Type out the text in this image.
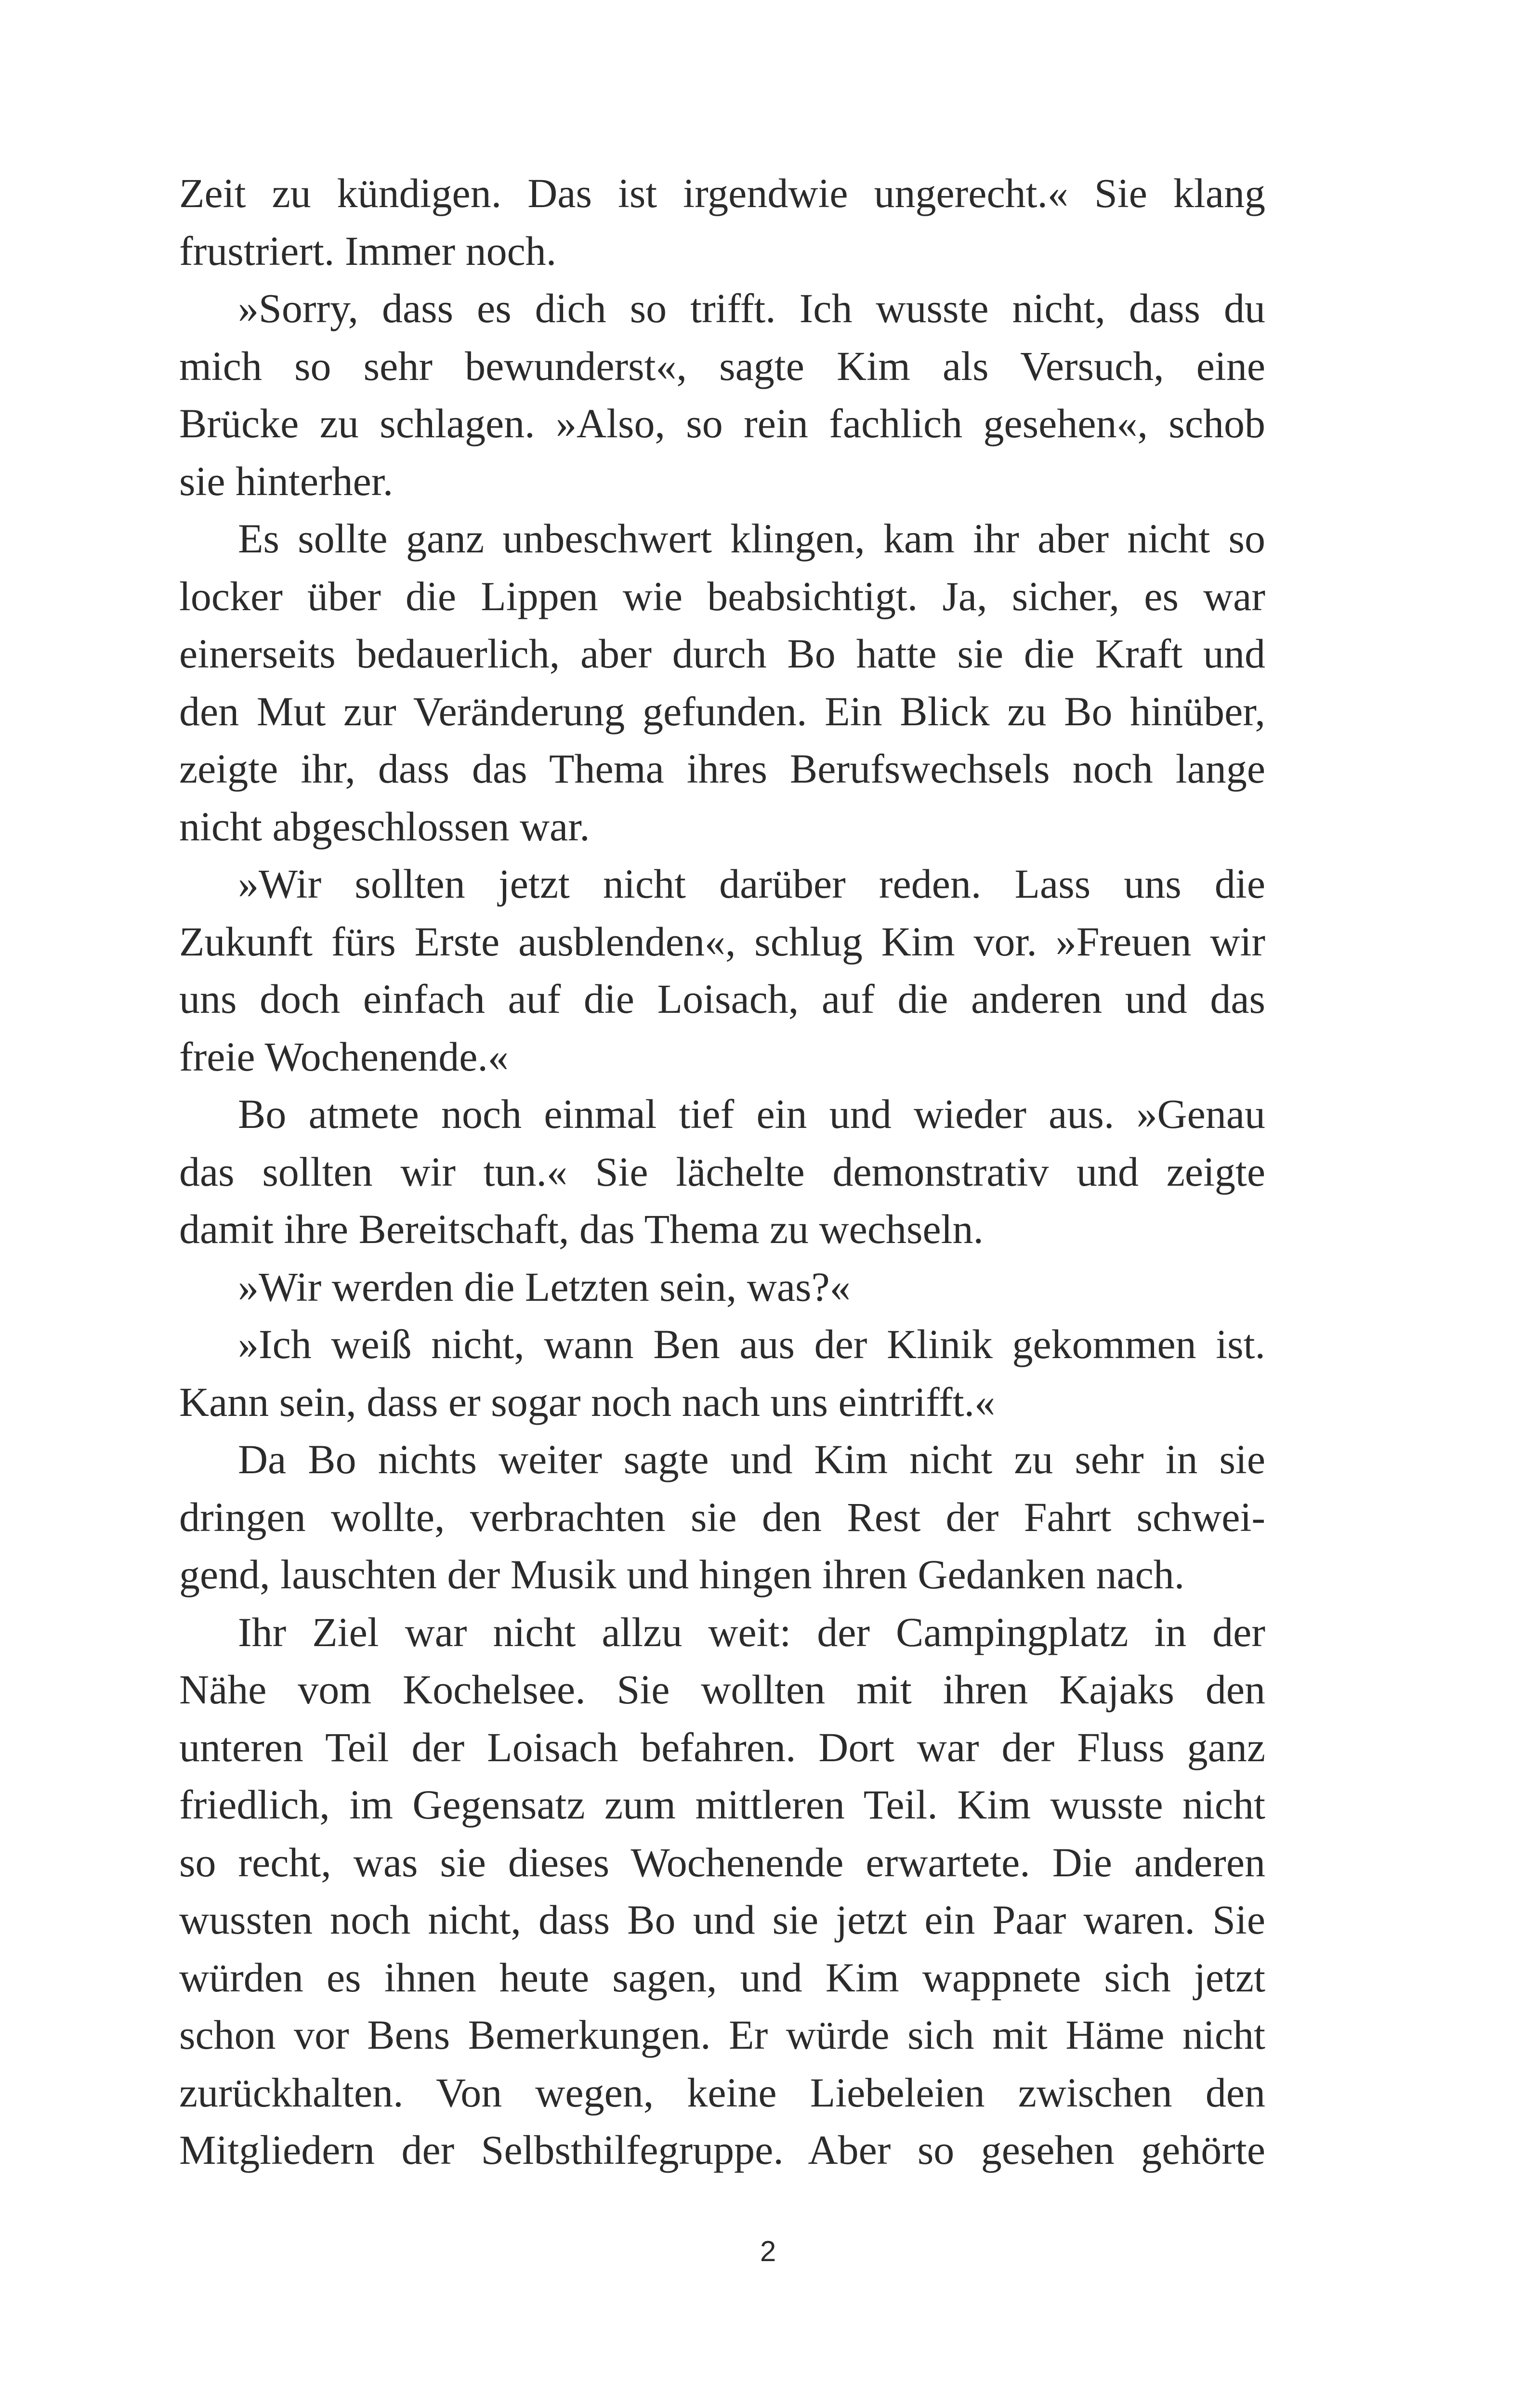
Zeit zu kündigen. Das ist irgendwie ungerecht.« Sie klang
frustriert. Immer noch.
»Sorry, dass es dich so trifft. Ich wusste nicht, dass du
mich so sehr bewunderst«, sagte Kim als Versuch, eine
Brücke zu schlagen. »Also, so rein fachlich gesehen«, schob
sie hinterher.
Es sollte ganz unbeschwert klingen, kam ihr aber nicht so
locker über die Lippen wie beabsichtigt. Ja, sicher, es war
einerseits bedauerlich, aber durch Bo hatte sie die Kraft und
den Mut zur Veränderung gefunden. Ein Blick zu Bo hinüber,
zeigte ihr, dass das Thema ihres Berufswechsels noch lange
nicht abgeschlossen war.
»Wir sollten jetzt nicht darüber reden. Lass uns die
Zukunft fürs Erste ausblenden«, schlug Kim vor. »Freuen wir
uns doch einfach auf die Loisach, auf die anderen und das
freie Wochenende.«
Bo atmete noch einmal tief ein und wieder aus. »Genau
das sollten wir tun.« Sie lächelte demonstrativ und zeigte
damit ihre Bereitschaft, das Thema zu wechseln.
»Wir werden die Letzten sein, was?«
»Ich weiß nicht, wann Ben aus der Klinik gekommen ist.
Kann sein, dass er sogar noch nach uns eintrifft.«
Da Bo nichts weiter sagte und Kim nicht zu sehr in sie
dringen wollte, verbrachten sie den Rest der Fahrt schwei-
gend, lauschten der Musik und hingen ihren Gedanken nach.
Ihr Ziel war nicht allzu weit: der Campingplatz in der
Nähe vom Kochelsee. Sie wollten mit ihren Kajaks den
unteren Teil der Loisach befahren. Dort war der Fluss ganz
friedlich, im Gegensatz zum mittleren Teil. Kim wusste nicht
so recht, was sie dieses Wochenende erwartete. Die anderen
wussten noch nicht, dass Bo und sie jetzt ein Paar waren. Sie
würden es ihnen heute sagen, und Kim wappnete sich jetzt
schon vor Bens Bemerkungen. Er würde sich mit Häme nicht
zurückhalten. Von wegen, keine Liebeleien zwischen den
Mitgliedern der Selbsthilfegruppe. Aber so gesehen gehörte
2
